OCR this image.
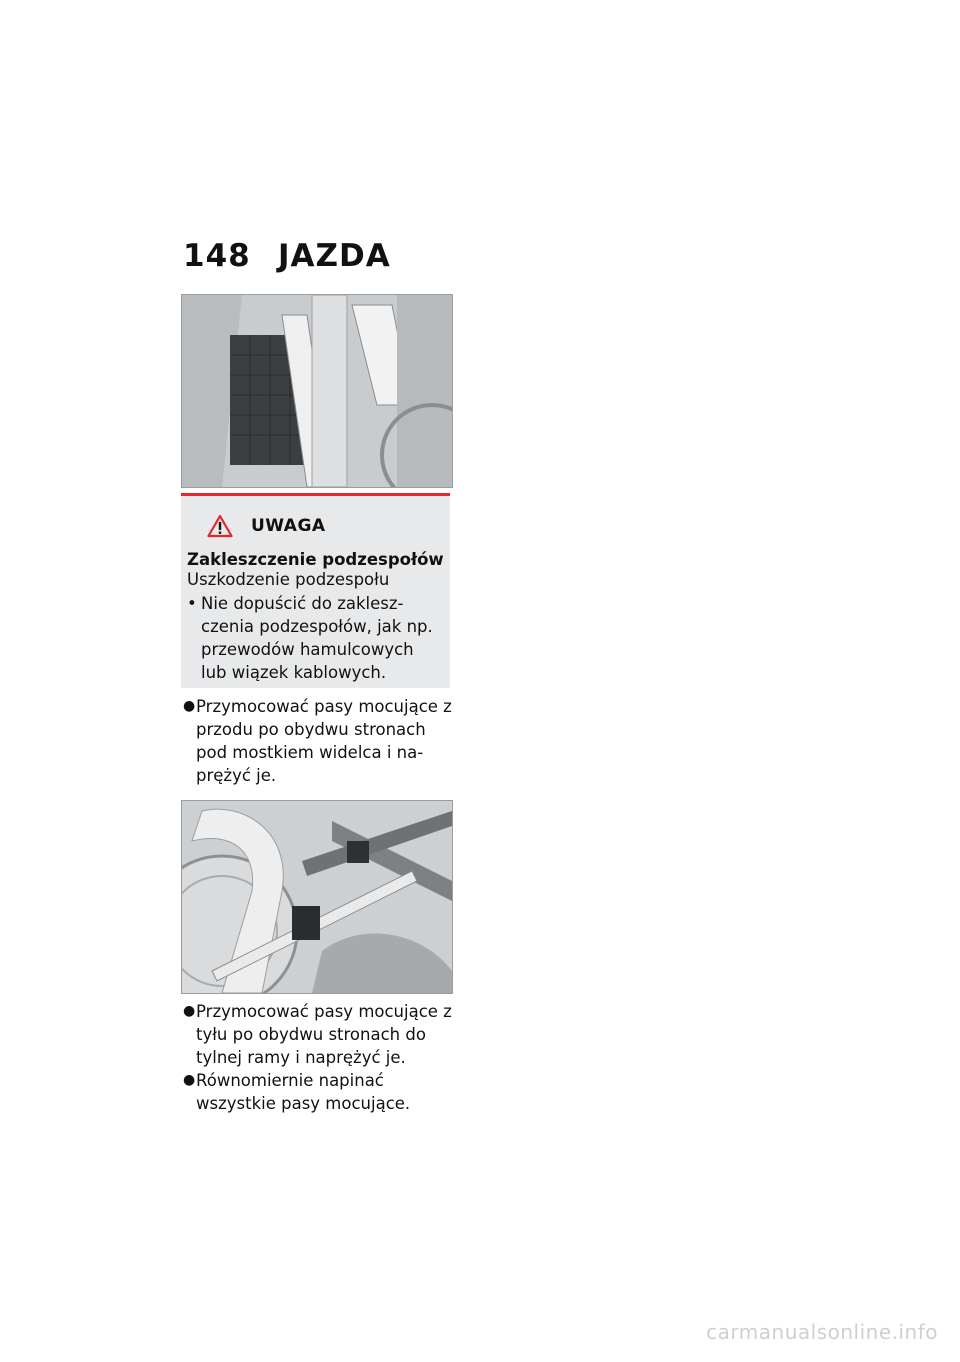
148 JAZDA
UWAGA
Zakleszczenie podzespołów
Uszkodzenie podzespołu
• Nie dopuścić do zaklesz-czenia podzespołów, jak np. przewodów hamulcowych lub wiązek kablowych.
● Przymocować pasy mocujące z przodu po obydwu stronach pod mostkiem widelca i na-prężyć je.
● Przymocować pasy mocujące z tyłu po obydwu stronach do tylnej ramy i naprężyć je.
● Równomiernie napinać wszystkie pasy mocujące.
carmanualsonline.info
